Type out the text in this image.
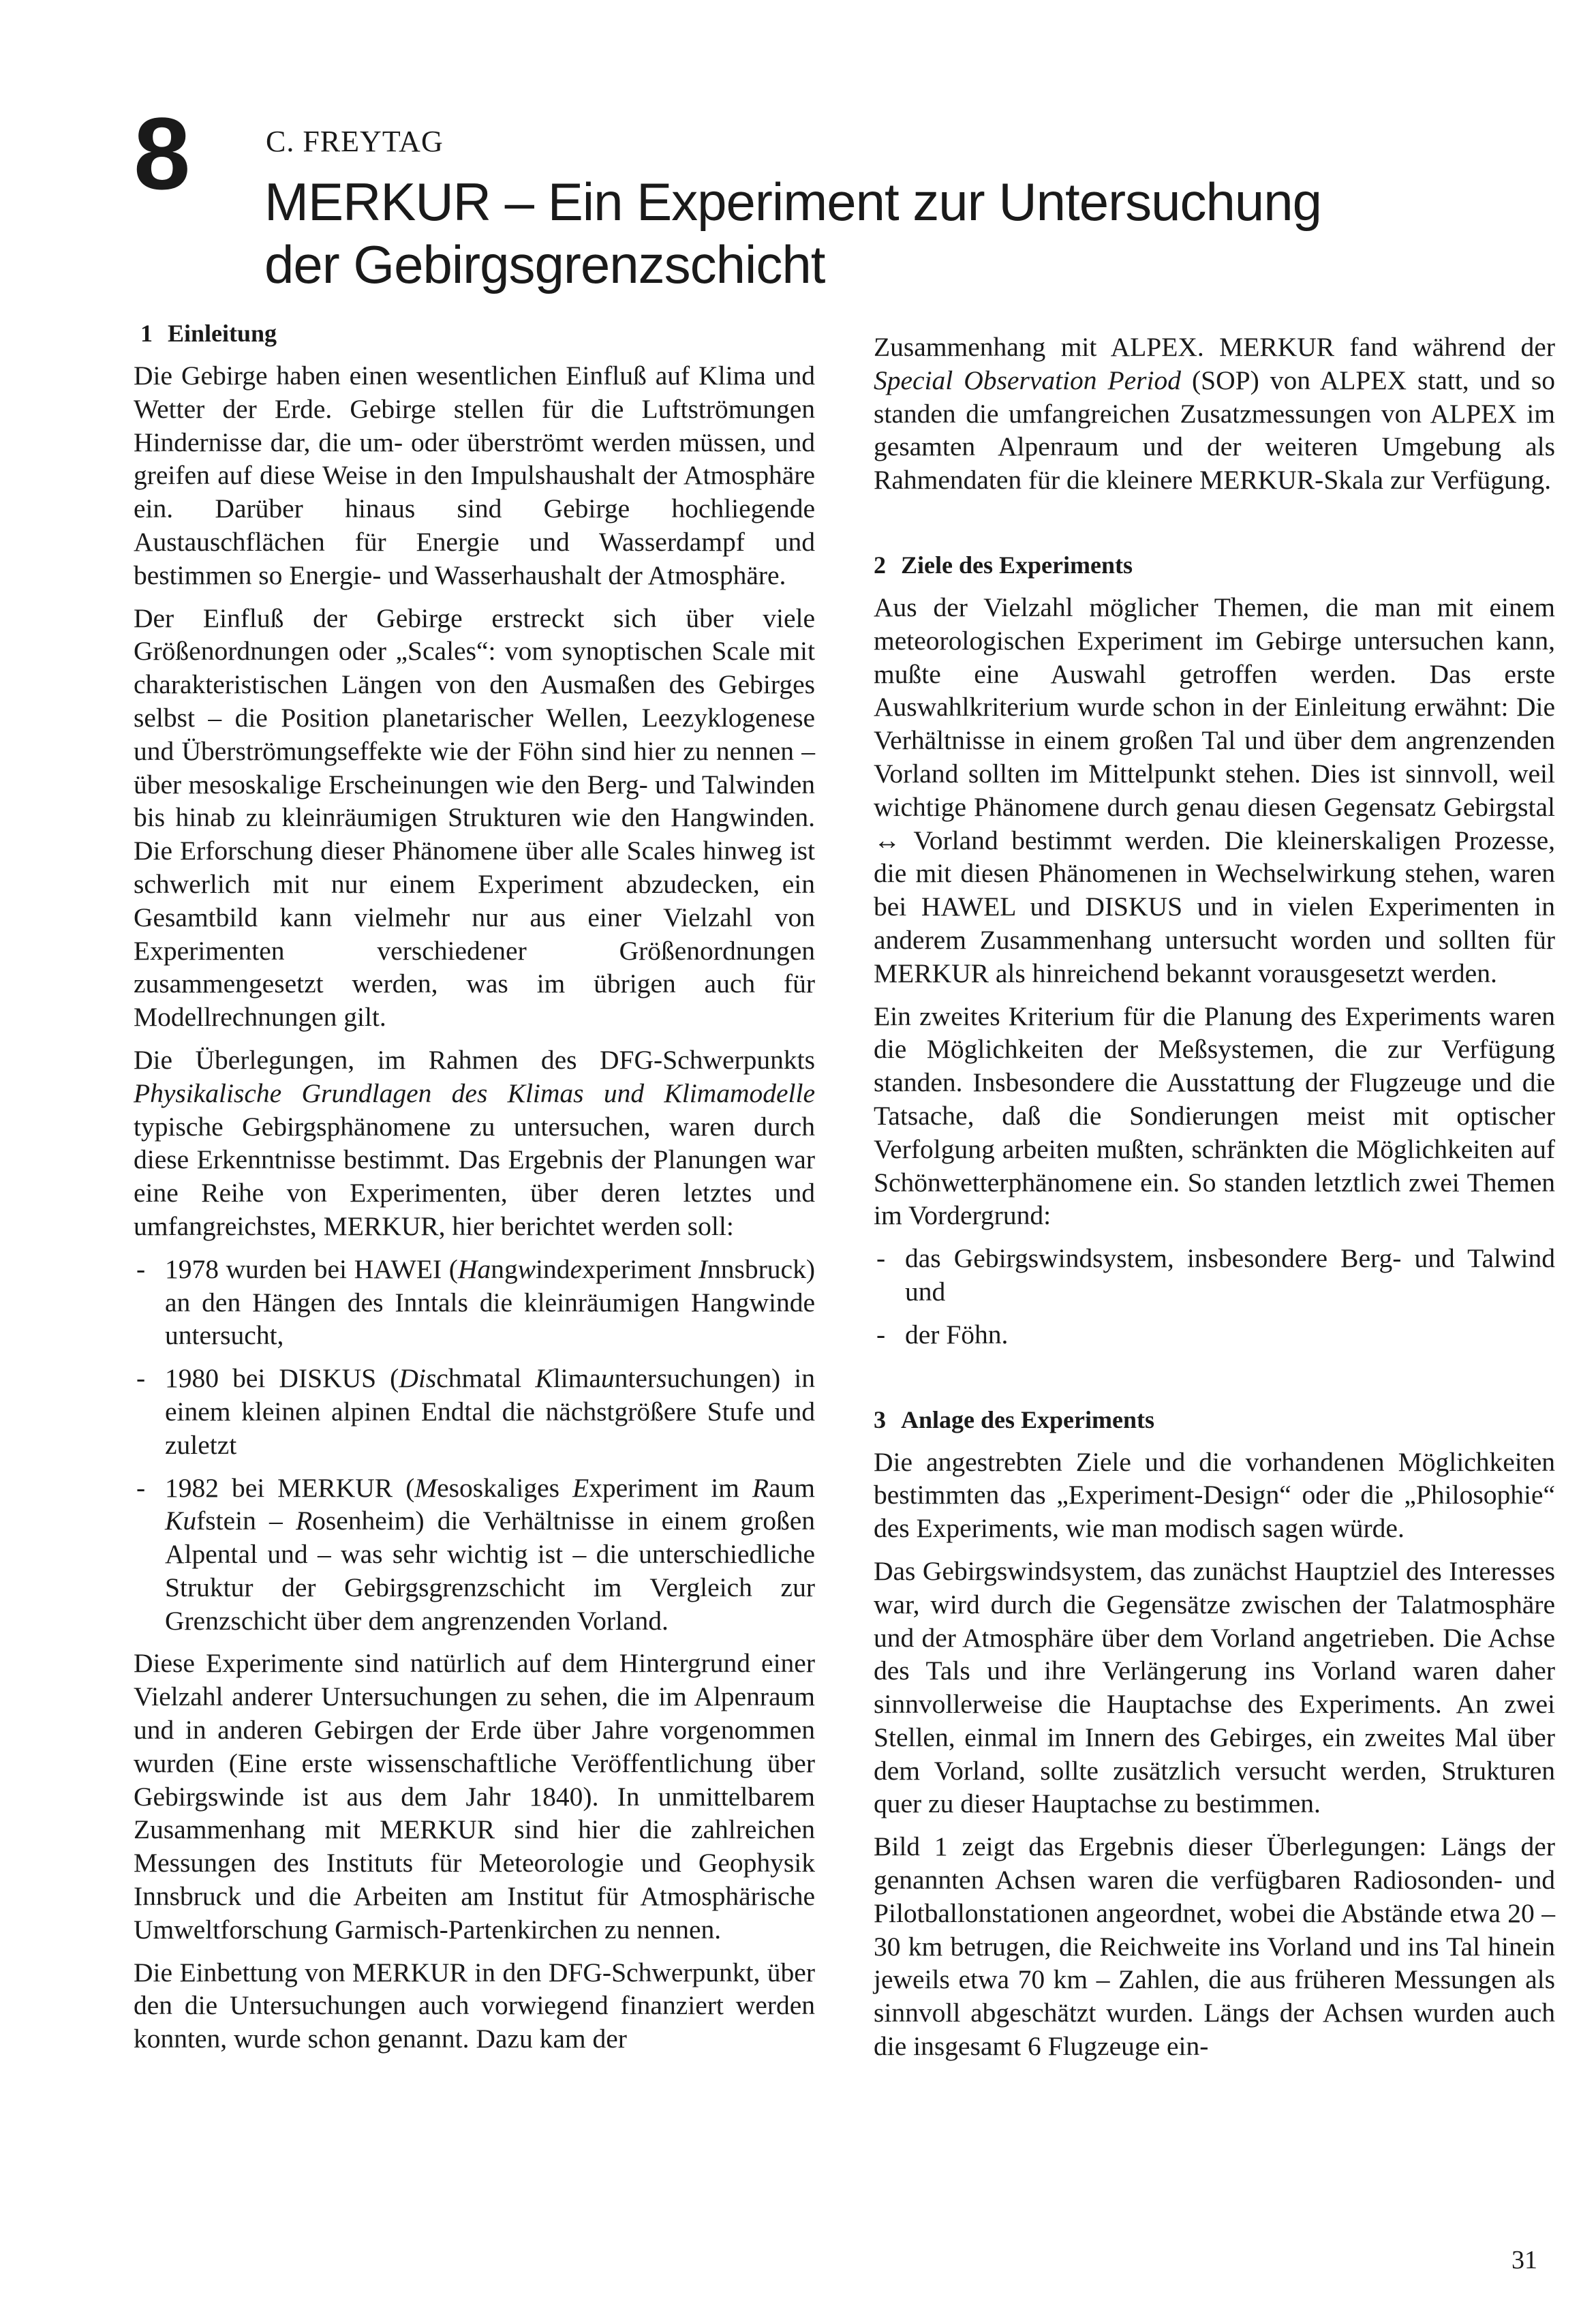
8	C. FREYTAG
MERKUR – Ein Experiment zur Untersuchung
der Gebirgsgrenzschicht
1 Einleitung

Die Gebirge haben einen wesentlichen Einfluß auf Klima und Wetter der Erde. Gebirge stellen für die Luftströmungen Hindernisse dar, die um- oder überströmt werden müssen, und greifen auf diese Weise in den Impulshaushalt der Atmosphäre ein. Darüber hinaus sind Gebirge hochliegende Austauschflächen für Energie und Wasserdampf und bestimmen so Energie- und Wasserhaushalt der Atmosphäre.

Der Einfluß der Gebirge erstreckt sich über viele Größenordnungen oder „Scales“: vom synoptischen Scale mit charakteristischen Längen von den Ausmaßen des Gebirges selbst – die Position planetarischer Wellen, Leezyklogenese und Überströmungseffekte wie der Föhn sind hier zu nennen – über mesoskalige Erscheinungen wie den Berg- und Talwinden bis hinab zu kleinräumigen Strukturen wie den Hangwinden. Die Erforschung dieser Phänomene über alle Scales hinweg ist schwerlich mit nur einem Experiment abzudecken, ein Gesamtbild kann vielmehr nur aus einer Vielzahl von Experimenten verschiedener Größenordnungen zusammengesetzt werden, was im übrigen auch für Modellrechnungen gilt.

Die Überlegungen, im Rahmen des DFG-Schwerpunkts Physikalische Grundlagen des Klimas und Klimamodelle typische Gebirgsphänomene zu untersuchen, waren durch diese Erkenntnisse bestimmt. Das Ergebnis der Planungen war eine Reihe von Experimenten, über deren letztes und umfangreichstes, MERKUR, hier berichtet werden soll:

- 1978 wurden bei HAWEI (Hangwindexperiment Innsbruck) an den Hängen des Inntals die kleinräumigen Hangwinde untersucht,
- 1980 bei DISKUS (Dischmatal Klimauntersuchungen) in einem kleinen alpinen Endtal die nächstgrößere Stufe und zuletzt
- 1982 bei MERKUR (Mesoskaliges Experiment im Raum Kufstein – Rosenheim) die Verhältnisse in einem großen Alpental und – was sehr wichtig ist – die unterschiedliche Struktur der Gebirgsgrenzschicht im Vergleich zur Grenzschicht über dem angrenzenden Vorland.

Diese Experimente sind natürlich auf dem Hintergrund einer Vielzahl anderer Untersuchungen zu sehen, die im Alpenraum und in anderen Gebirgen der Erde über Jahre vorgenommen wurden (Eine erste wissenschaftliche Veröffentlichung über Gebirgswinde ist aus dem Jahr 1840). In unmittelbarem Zusammenhang mit MERKUR sind hier die zahlreichen Messungen des Instituts für Meteorologie und Geophysik Innsbruck und die Arbeiten am Institut für Atmosphärische Umweltforschung Garmisch-Partenkirchen zu nennen.

Die Einbettung von MERKUR in den DFG-Schwerpunkt, über den die Untersuchungen auch vorwiegend finanziert werden konnten, wurde schon genannt. Dazu kam der

Zusammenhang mit ALPEX. MERKUR fand während der Special Observation Period (SOP) von ALPEX statt, und so standen die umfangreichen Zusatzmessungen von ALPEX im gesamten Alpenraum und der weiteren Umgebung als Rahmendaten für die kleinere MERKUR-Skala zur Verfügung.

2 Ziele des Experiments

Aus der Vielzahl möglicher Themen, die man mit einem meteorologischen Experiment im Gebirge untersuchen kann, mußte eine Auswahl getroffen werden. Das erste Auswahlkriterium wurde schon in der Einleitung erwähnt: Die Verhältnisse in einem großen Tal und über dem angrenzenden Vorland sollten im Mittelpunkt stehen. Dies ist sinnvoll, weil wichtige Phänomene durch genau diesen Gegensatz Gebirgstal ↔ Vorland bestimmt werden. Die kleinerskaligen Prozesse, die mit diesen Phänomenen in Wechselwirkung stehen, waren bei HAWEL und DISKUS und in vielen Experimenten in anderem Zusammenhang untersucht worden und sollten für MERKUR als hinreichend bekannt vorausgesetzt werden.

Ein zweites Kriterium für die Planung des Experiments waren die Möglichkeiten der Meßsystemen, die zur Verfügung standen. Insbesondere die Ausstattung der Flugzeuge und die Tatsache, daß die Sondierungen meist mit optischer Verfolgung arbeiten mußten, schränkten die Möglichkeiten auf Schönwetterphänomene ein. So standen letztlich zwei Themen im Vordergrund:

- das Gebirgswindsystem, insbesondere Berg- und Talwind und
- der Föhn.
3 Anlage des Experiments

Die angestrebten Ziele und die vorhandenen Möglichkeiten bestimmten das „Experiment-Design“ oder die „Philosophie“ des Experiments, wie man modisch sagen würde.

Das Gebirgswindsystem, das zunächst Hauptziel des Interesses war, wird durch die Gegensätze zwischen der Talatmosphäre und der Atmosphäre über dem Vorland angetrieben. Die Achse des Tals und ihre Verlängerung ins Vorland waren daher sinnvollerweise die Hauptachse des Experiments. An zwei Stellen, einmal im Innern des Gebirges, ein zweites Mal über dem Vorland, sollte zusätzlich versucht werden, Strukturen quer zu dieser Hauptachse zu bestimmen.

Bild 1 zeigt das Ergebnis dieser Überlegungen: Längs der genannten Achsen waren die verfügbaren Radiosonden- und Pilotballonstationen angeordnet, wobei die Abstände etwa 20 – 30 km betrugen, die Reichweite ins Vorland und ins Tal hinein jeweils etwa 70 km – Zahlen, die aus früheren Messungen als sinnvoll abgeschätzt wurden. Längs der Achsen wurden auch die insgesamt 6 Flugzeuge ein-

31
